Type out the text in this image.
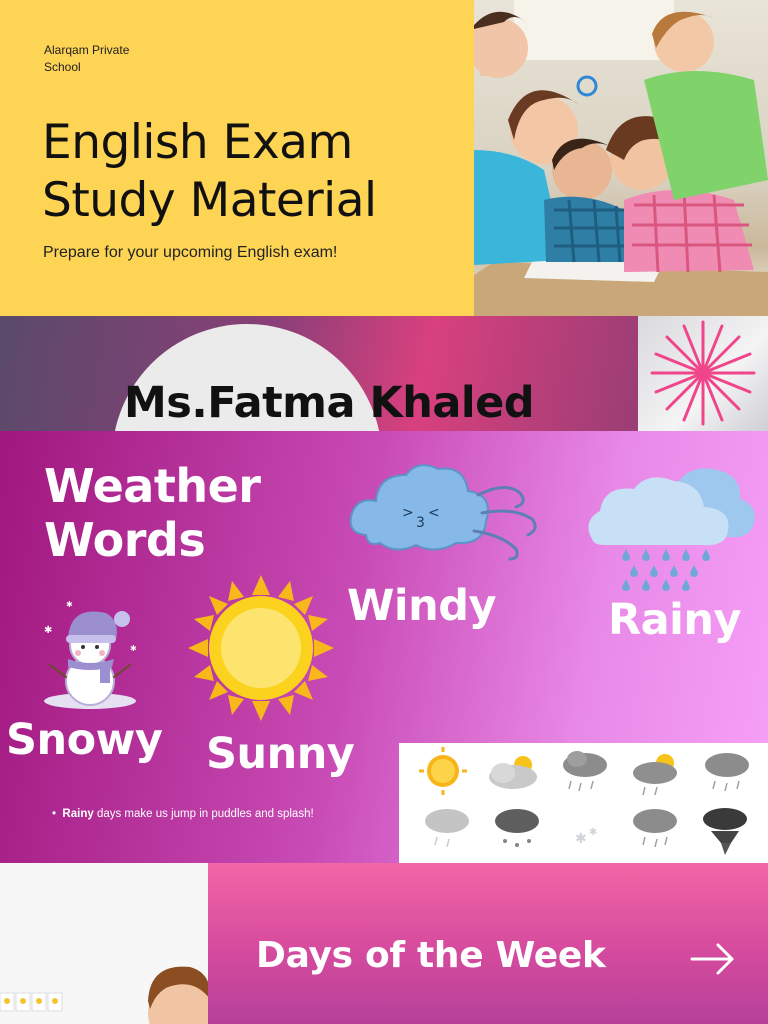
Alarqam Private School
English Exam
Study Material
Prepare for your upcoming English exam!
Ms.Fatma Khaled
Weather
Words	> <
3
✱
✱
✱
Windy	Rainy
Snowy Sunny
•  Rainy days make us jump in puddles and splash!
✱ ✱
Days of the Week
